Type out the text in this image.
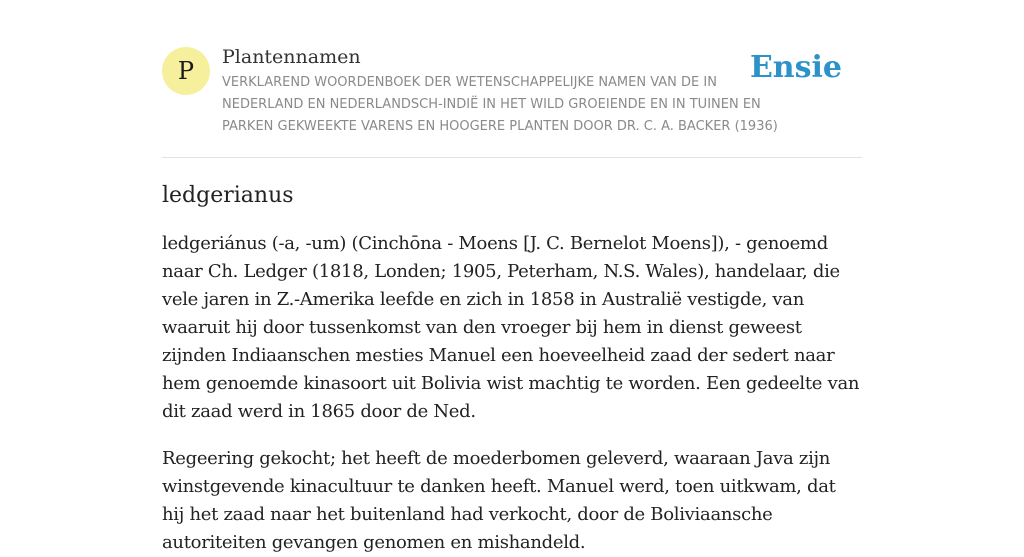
P Plantennamen
VERKLAREND WOORDENBOEK DER WETENSCHAPPELIJKE NAMEN VAN DE IN NEDERLAND EN NEDERLANDSCH-INDIË IN HET WILD GROEIENDE EN IN TUINEN EN PARKEN GEKWEEKTE VARENS EN HOOGERE PLANTEN DOOR DR. C. A. BACKER (1936)
Ensie
ledgerianus

ledgeriánus (-a, -um) (Cinchōna - Moens [J. C. Bernelot Moens]), - genoemd naar Ch. Ledger (1818, Londen; 1905, Peterham, N.S. Wales), handelaar, die vele jaren in Z.-Amerika leefde en zich in 1858 in Australië vestigde, van waaruit hij door tussenkomst van den vroeger bij hem in dienst geweest zijnden Indiaanschen mesties Manuel een hoeveelheid zaad der sedert naar hem genoemde kinasoort uit Bolivia wist machtig te worden. Een gedeelte van dit zaad werd in 1865 door de Ned.

Regeering gekocht; het heeft de moederbomen geleverd, waaraan Java zijn winstgevende kinacultuur te danken heeft. Manuel werd, toen uitkwam, dat hij het zaad naar het buitenland had verkocht, door de Boliviaansche autoriteiten gevangen genomen en mishandeld.
